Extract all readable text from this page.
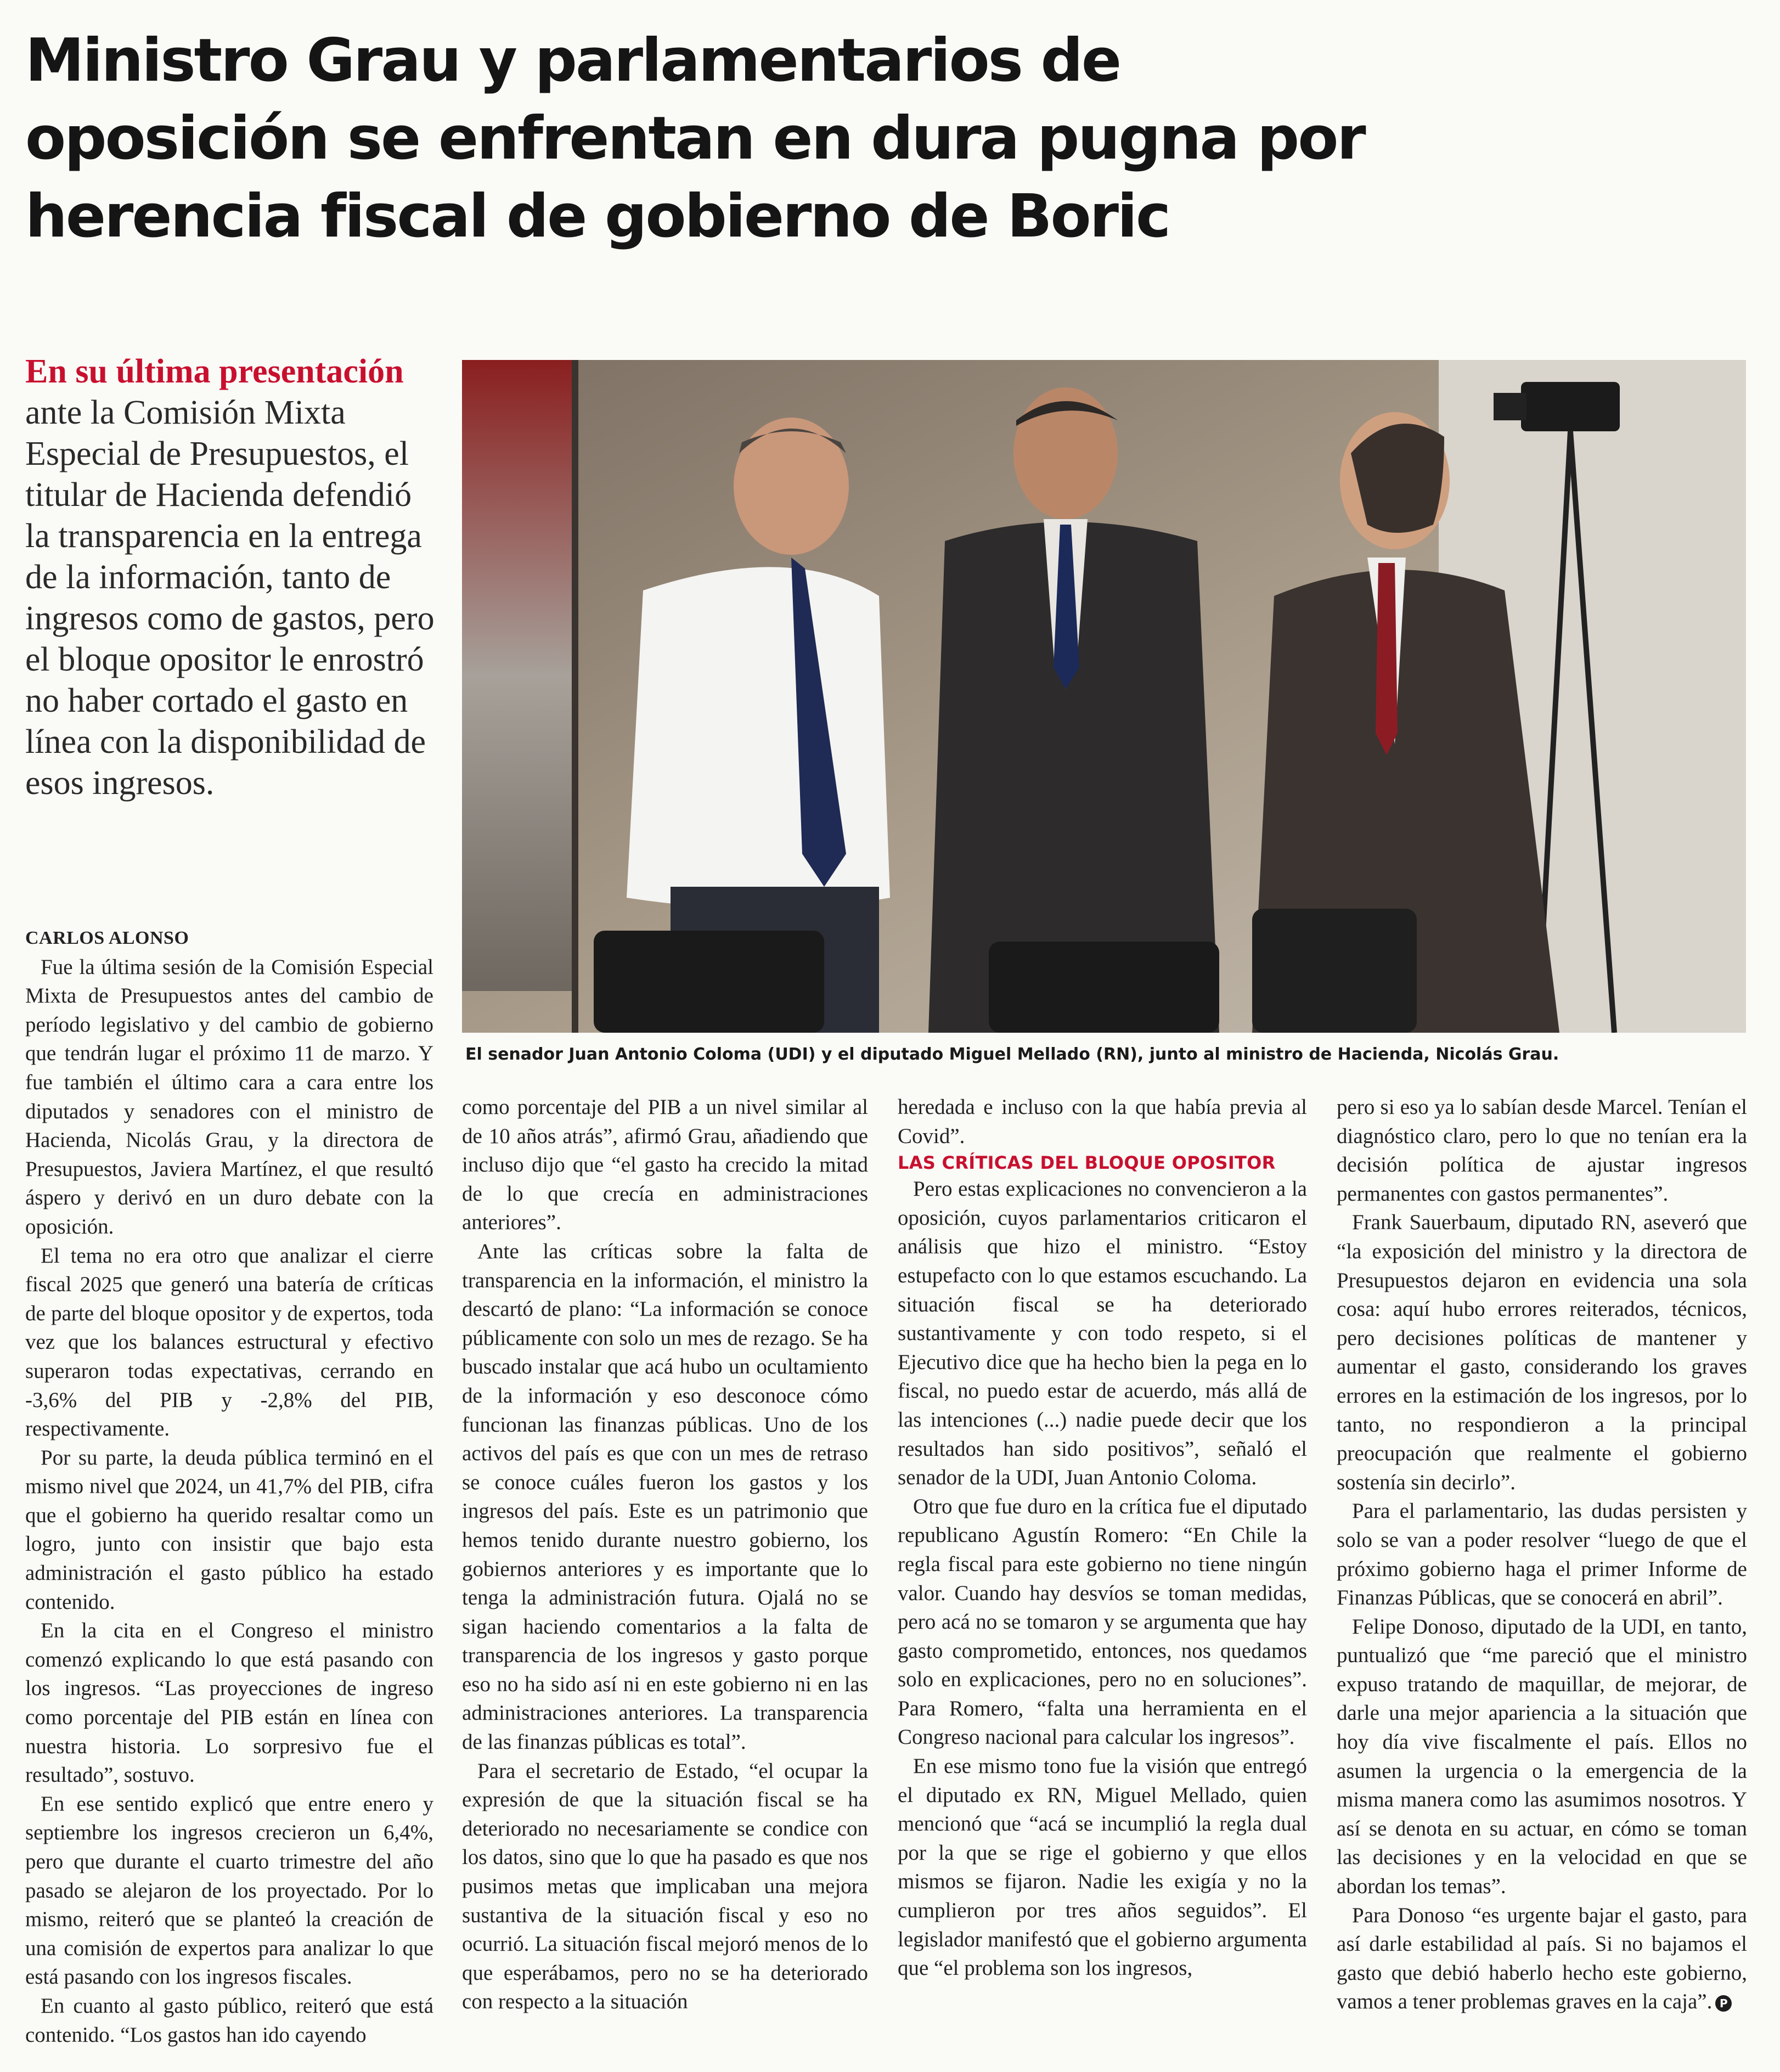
Ministro Grau y parlamentarios de
oposición se enfrentan en dura pugna por
herencia fiscal de gobierno de Boric
En su última presentación ante la Comisión Mixta Especial de Presupuestos, el titular de Hacienda defendió la transparencia en la entrega de la información, tanto de ingresos como de gastos, pero el bloque opositor le enrostró no haber cortado el gasto en línea con la disponibilidad de esos ingresos.
El senador Juan Antonio Coloma (UDI) y el diputado Miguel Mellado (RN), junto al ministro de Hacienda, Nicolás Grau.

CARLOS ALONSO

Fue la última sesión de la Comisión Especial Mixta de Presupuestos antes del cambio de período legislativo y del cambio de gobierno que tendrán lugar el próximo 11 de marzo. Y fue también el último cara a cara entre los diputados y senadores con el ministro de Hacienda, Nicolás Grau, y la directora de Presupuestos, Javiera Martínez, el que resultó áspero y derivó en un duro debate con la oposición.

El tema no era otro que analizar el cierre fiscal 2025 que generó una batería de críticas de parte del bloque opositor y de expertos, toda vez que los balances estructural y efectivo superaron todas expectativas, cerrando en -3,6% del PIB y -2,8% del PIB, respectivamente.

Por su parte, la deuda pública terminó en el mismo nivel que 2024, un 41,7% del PIB, cifra que el gobierno ha querido resaltar como un logro, junto con insistir que bajo esta administración el gasto público ha estado contenido.

En la cita en el Congreso el ministro comenzó explicando lo que está pasando con los ingresos. “Las proyecciones de ingreso como porcentaje del PIB están en línea con nuestra historia. Lo sorpresivo fue el resultado”, sostuvo.

En ese sentido explicó que entre enero y septiembre los ingresos crecieron un 6,4%, pero que durante el cuarto trimestre del año pasado se alejaron de los proyectado. Por lo mismo, reiteró que se planteó la creación de una comisión de expertos para analizar lo que está pasando con los ingresos fiscales.

En cuanto al gasto público, reiteró que está contenido. “Los gastos han ido cayendo

como porcentaje del PIB a un nivel similar al de 10 años atrás”, afirmó Grau, añadiendo que incluso dijo que “el gasto ha crecido la mitad de lo que crecía en administraciones anteriores”.

Ante las críticas sobre la falta de transparencia en la información, el ministro la descartó de plano: “La información se conoce públicamente con solo un mes de rezago. Se ha buscado instalar que acá hubo un ocultamiento de la información y eso desconoce cómo funcionan las finanzas públicas. Uno de los activos del país es que con un mes de retraso se conoce cuáles fueron los gastos y los ingresos del país. Este es un patrimonio que hemos tenido durante nuestro gobierno, los gobiernos anteriores y es importante que lo tenga la administración futura. Ojalá no se sigan haciendo comentarios a la falta de transparencia de los ingresos y gasto porque eso no ha sido así ni en este gobierno ni en las administraciones anteriores. La transparencia de las finanzas públicas es total”.

Para el secretario de Estado, “el ocupar la expresión de que la situación fiscal se ha deteriorado no necesariamente se condice con los datos, sino que lo que ha pasado es que nos pusimos metas que implicaban una mejora sustantiva de la situación fiscal y eso no ocurrió. La situación fiscal mejoró menos de lo que esperábamos, pero no se ha deteriorado con respecto a la situación

heredada e incluso con la que había previa al Covid”.

LAS CRÍTICAS DEL BLOQUE OPOSITOR

Pero estas explicaciones no convencieron a la oposición, cuyos parlamentarios criticaron el análisis que hizo el ministro. “Estoy estupefacto con lo que estamos escuchando. La situación fiscal se ha deteriorado sustantivamente y con todo respeto, si el Ejecutivo dice que ha hecho bien la pega en lo fiscal, no puedo estar de acuerdo, más allá de las intenciones (...) nadie puede decir que los resultados han sido positivos”, señaló el senador de la UDI, Juan Antonio Coloma.

Otro que fue duro en la crítica fue el diputado republicano Agustín Romero: “En Chile la regla fiscal para este gobierno no tiene ningún valor. Cuando hay desvíos se toman medidas, pero acá no se tomaron y se argumenta que hay gasto comprometido, entonces, nos quedamos solo en explicaciones, pero no en soluciones”. Para Romero, “falta una herramienta en el Congreso nacional para calcular los ingresos”.

En ese mismo tono fue la visión que entregó el diputado ex RN, Miguel Mellado, quien mencionó que “acá se incumplió la regla dual por la que se rige el gobierno y que ellos mismos se fijaron. Nadie les exigía y no la cumplieron por tres años seguidos”. El legislador manifestó que el gobierno argumenta que “el problema son los ingresos,

pero si eso ya lo sabían desde Marcel. Tenían el diagnóstico claro, pero lo que no tenían era la decisión política de ajustar ingresos permanentes con gastos permanentes”.

Frank Sauerbaum, diputado RN, aseveró que “la exposición del ministro y la directora de Presupuestos dejaron en evidencia una sola cosa: aquí hubo errores reiterados, técnicos, pero decisiones políticas de mantener y aumentar el gasto, considerando los graves errores en la estimación de los ingresos, por lo tanto, no respondieron a la principal preocupación que realmente el gobierno sostenía sin decirlo”.

Para el parlamentario, las dudas persisten y solo se van a poder resolver “luego de que el próximo gobierno haga el primer Informe de Finanzas Públicas, que se conocerá en abril”.

Felipe Donoso, diputado de la UDI, en tanto, puntualizó que “me pareció que el ministro expuso tratando de maquillar, de mejorar, de darle una mejor apariencia a la situación que hoy día vive fiscalmente el país. Ellos no asumen la urgencia o la emergencia de la misma manera como las asumimos nosotros. Y así se denota en su actuar, en cómo se toman las decisiones y en la velocidad en que se abordan los temas”.

Para Donoso “es urgente bajar el gasto, para así darle estabilidad al país. Si no bajamos el gasto que debió haberlo hecho este gobierno, vamos a tener problemas graves en la caja”. P
